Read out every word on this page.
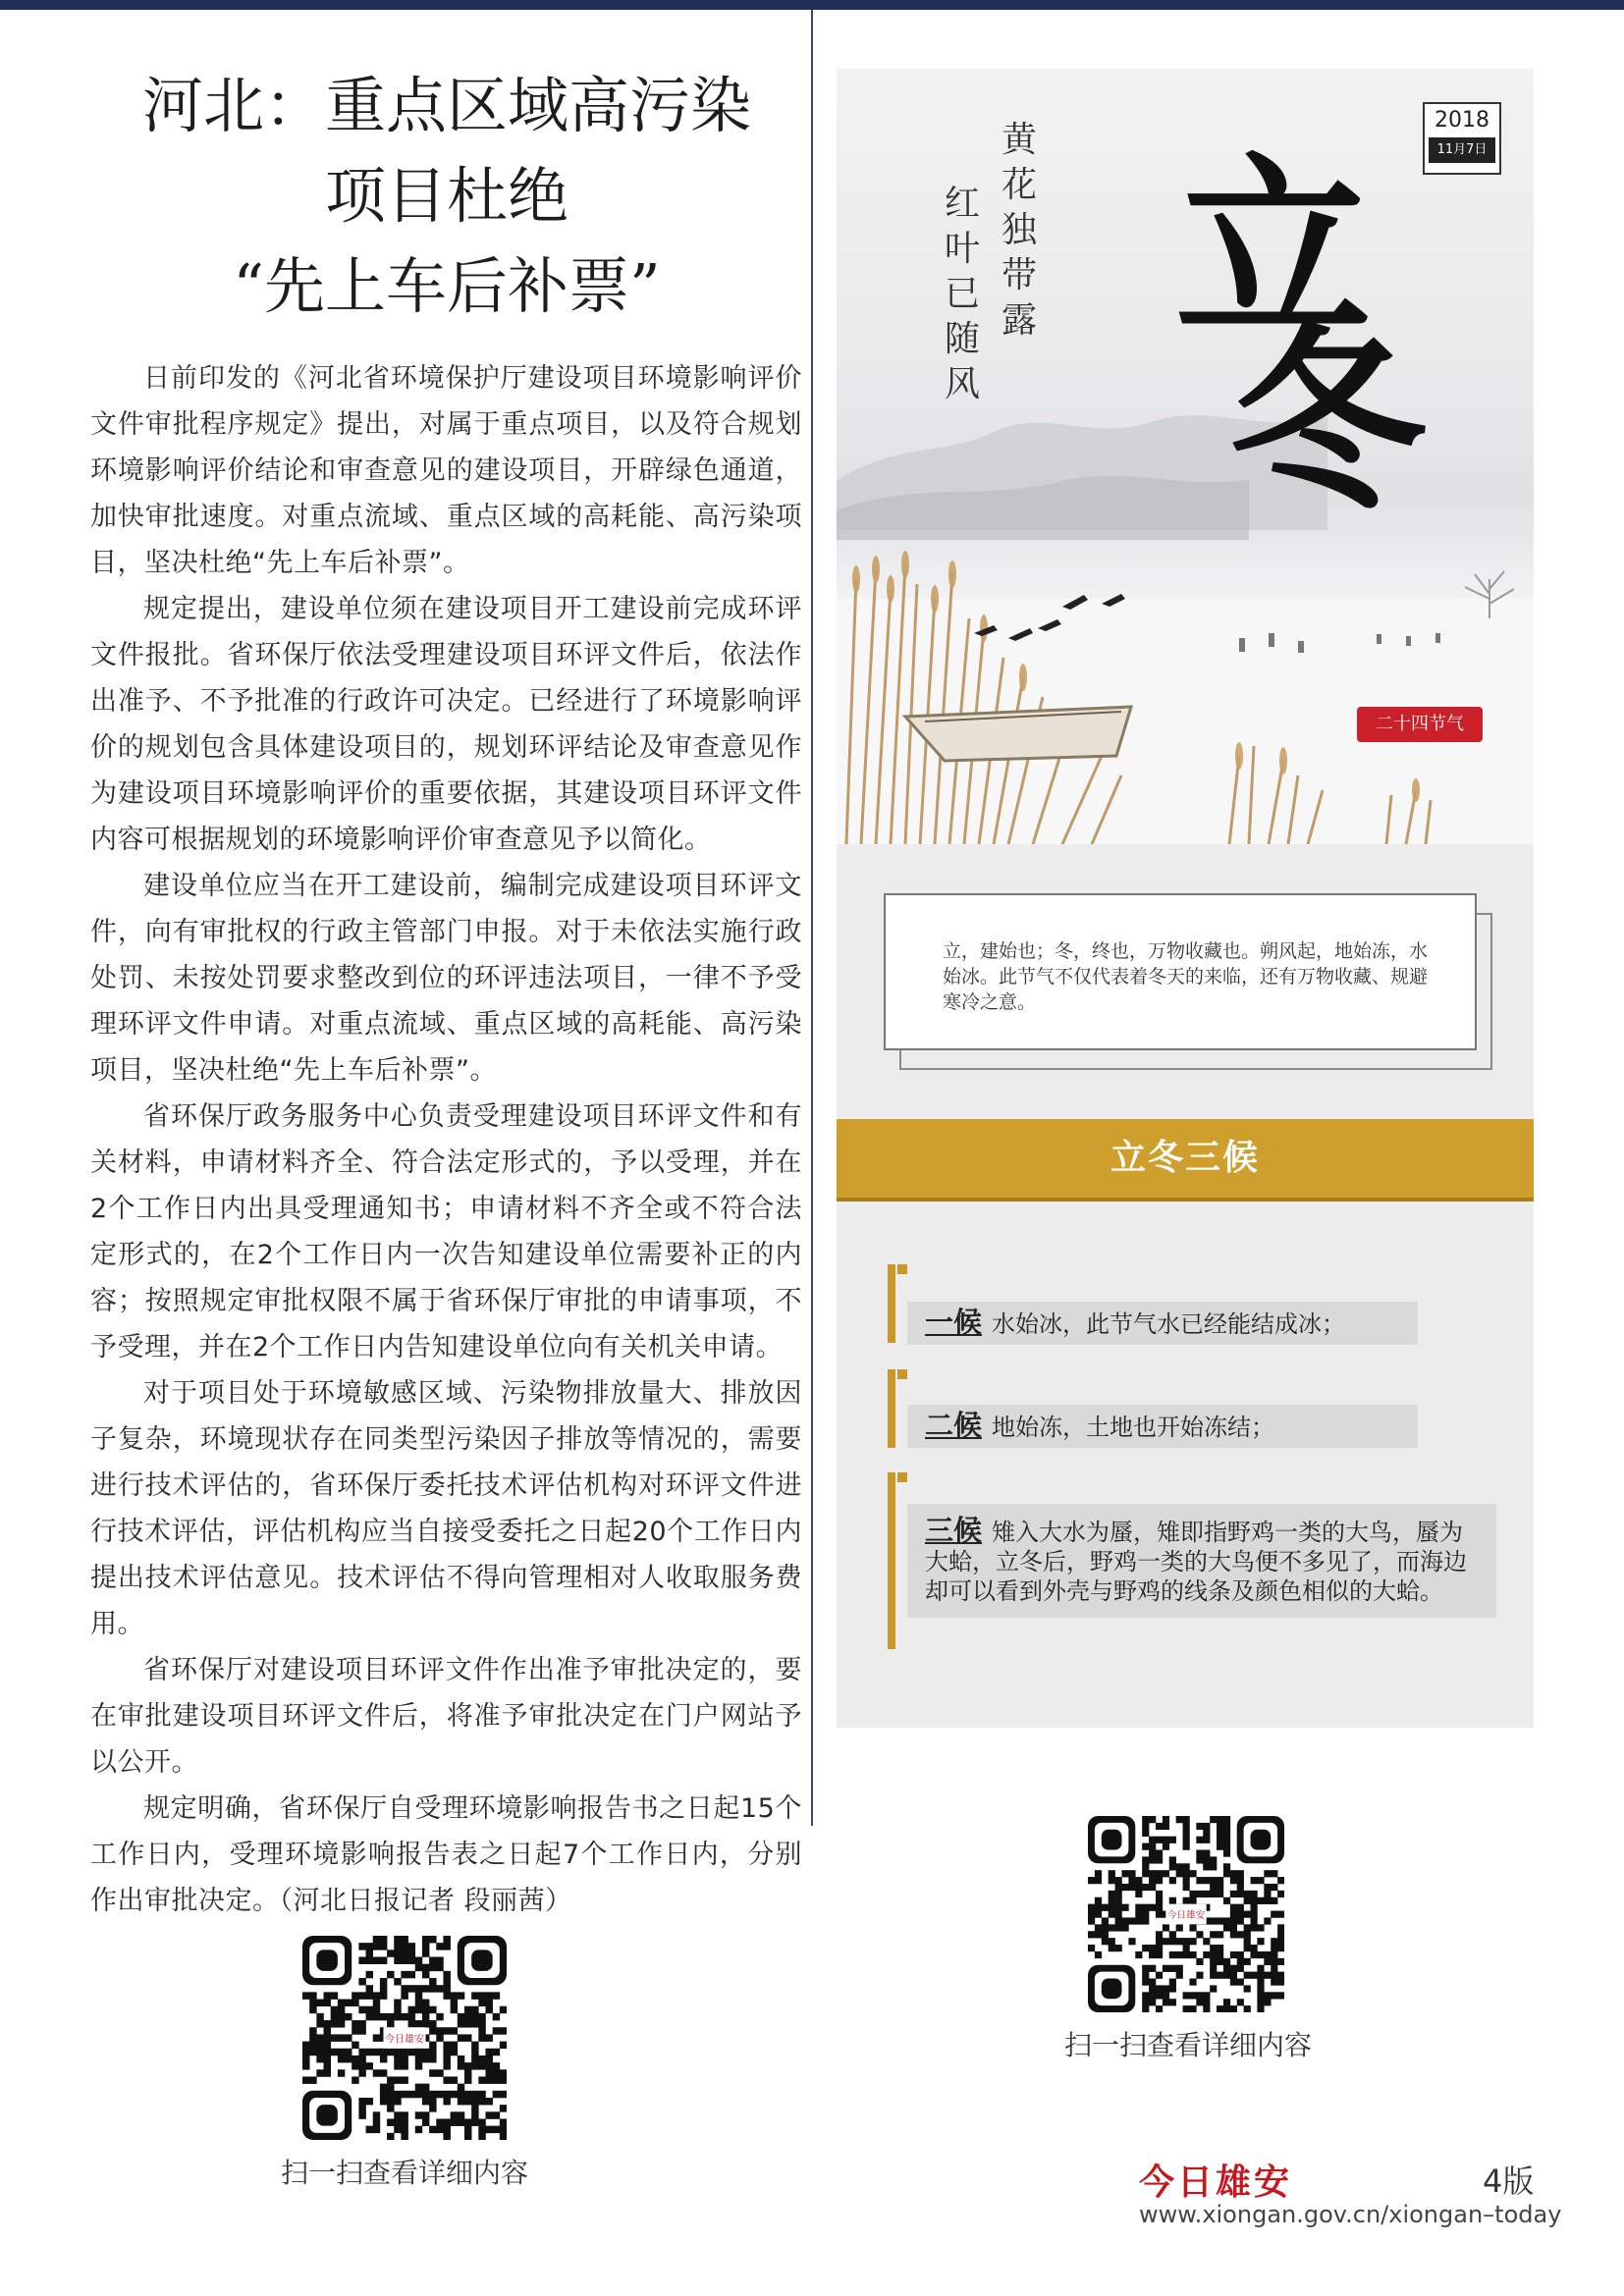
河北：重点区域高污染
项目杜绝
“先上车后补票”

日前印发的《河北省环境保护厅建设项目环境影响评价文件审批程序规定》提出，对属于重点项目，以及符合规划环境影响评价结论和审查意见的建设项目，开辟绿色通道，加快审批速度。对重点流域、重点区域的高耗能、高污染项目，坚决杜绝“先上车后补票”。

规定提出，建设单位须在建设项目开工建设前完成环评文件报批。省环保厅依法受理建设项目环评文件后，依法作出准予、不予批准的行政许可决定。已经进行了环境影响评价的规划包含具体建设项目的，规划环评结论及审查意见作为建设项目环境影响评价的重要依据，其建设项目环评文件内容可根据规划的环境影响评价审查意见予以简化。

建设单位应当在开工建设前，编制完成建设项目环评文件，向有审批权的行政主管部门申报。对于未依法实施行政处罚、未按处罚要求整改到位的环评违法项目，一律不予受理环评文件申请。对重点流域、重点区域的高耗能、高污染项目，坚决杜绝“先上车后补票”。

省环保厅政务服务中心负责受理建设项目环评文件和有关材料，申请材料齐全、符合法定形式的，予以受理，并在2个工作日内出具受理通知书；申请材料不齐全或不符合法定形式的，在2个工作日内一次告知建设单位需要补正的内容；按照规定审批权限不属于省环保厅审批的申请事项，不予受理，并在2个工作日内告知建设单位向有关机关申请。

对于项目处于环境敏感区域、污染物排放量大、排放因子复杂，环境现状存在同类型污染因子排放等情况的，需要进行技术评估的，省环保厅委托技术评估机构对环评文件进行技术评估，评估机构应当自接受委托之日起20个工作日内提出技术评估意见。技术评估不得向管理相对人收取服务费用。

省环保厅对建设项目环评文件作出准予审批决定的，要在审批建设项目环评文件后，将准予审批决定在门户网站予以公开。

规定明确，省环保厅自受理环境影响报告书之日起15个工作日内，受理环境影响报告表之日起7个工作日内，分别作出审批决定。（河北日报记者 段丽茜）

今日雄安
扫一扫查看详细内容
2018
11月7日
黄
花
独
带
露
红
叶
已
随
风
立
冬
二十四节气
立，建始也；冬，终也，万物收藏也。朔风起，地始冻，水始冰。此节气不仅代表着冬天的来临，还有万物收藏、规避寒冷之意。
立冬三候
一候 水始冰，此节气水已经能结成冰；
二候 地始冻，土地也开始冻结；
三候 雉入大水为蜃，雉即指野鸡一类的大鸟，蜃为大蛤，立冬后，野鸡一类的大鸟便不多见了，而海边却可以看到外壳与野鸡的线条及颜色相似的大蛤。
今日雄安
扫一扫查看详细内容
今日雄安	4版
www.xiongan.gov.cn/xiongan–today
